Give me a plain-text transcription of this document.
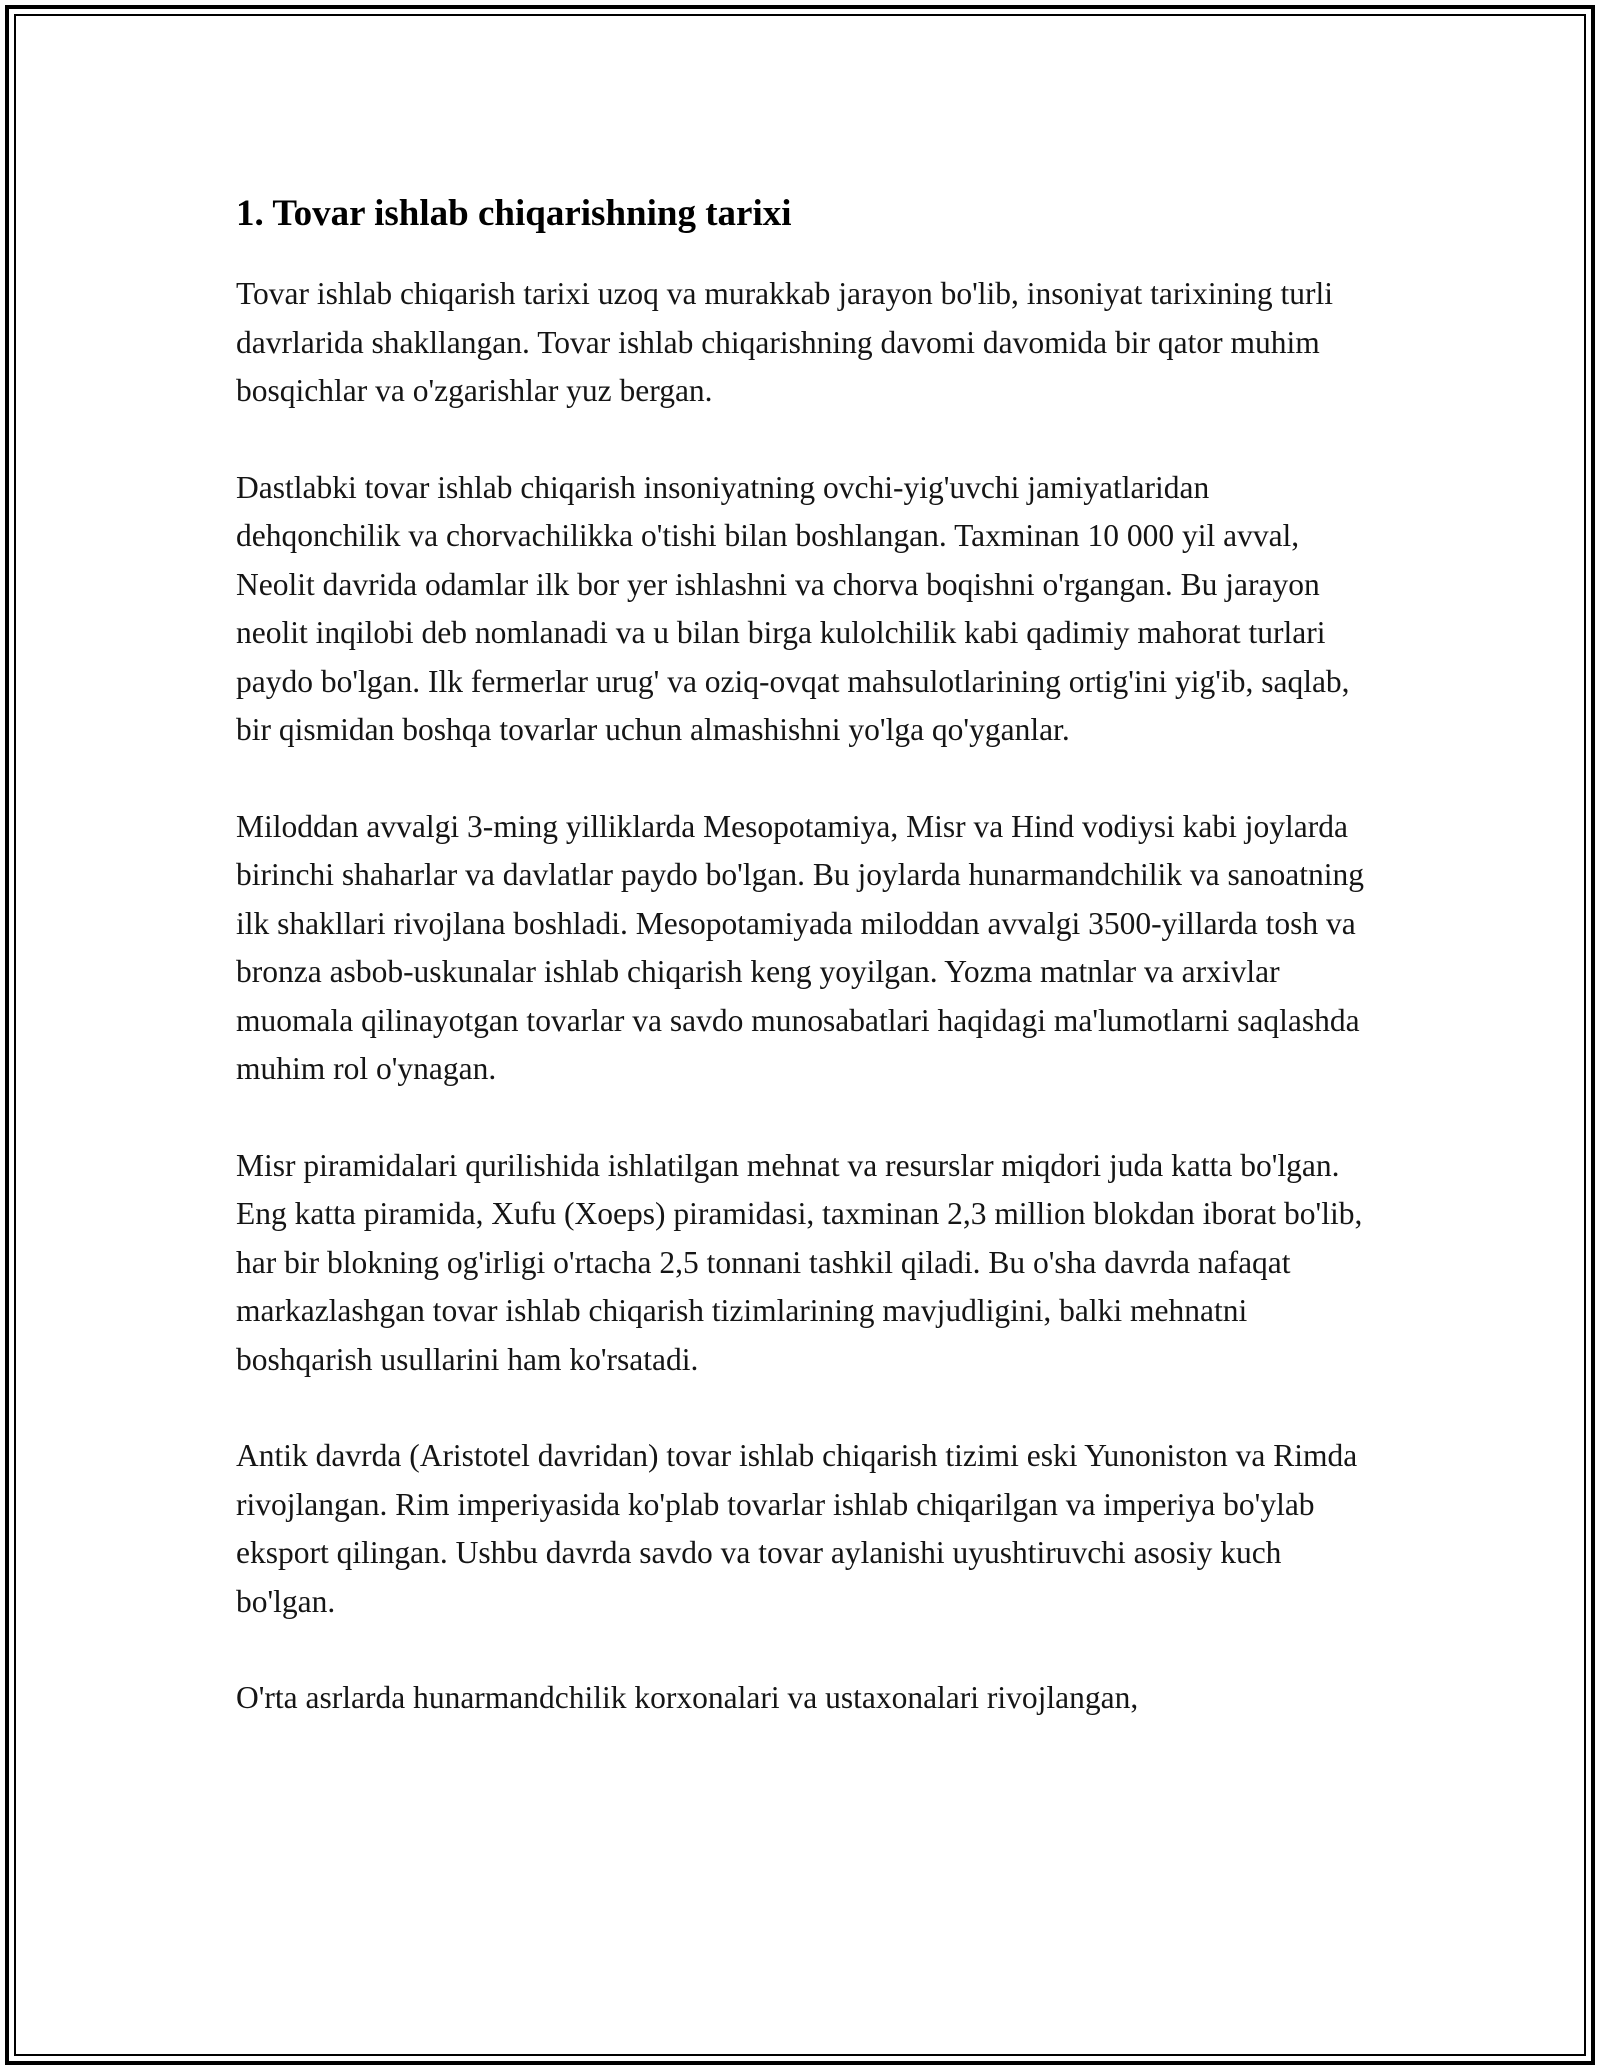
1. Tovar ishlab chiqarishning tarixi

Tovar ishlab chiqarish tarixi uzoq va murakkab jarayon bo'lib, insoniyat tarixining turli davrlarida shakllangan. Tovar ishlab chiqarishning davomi davomida bir qator muhim bosqichlar va o'zgarishlar yuz bergan.

Dastlabki tovar ishlab chiqarish insoniyatning ovchi-yig'uvchi jamiyatlaridan dehqonchilik va chorvachilikka o'tishi bilan boshlangan. Taxminan 10 000 yil avval, Neolit davrida odamlar ilk bor yer ishlashni va chorva boqishni o'rgangan. Bu jarayon neolit inqilobi deb nomlanadi va u bilan birga kulolchilik kabi qadimiy mahorat turlari paydo bo'lgan. Ilk fermerlar urug' va oziq-ovqat mahsulotlarining ortig'ini yig'ib, saqlab, bir qismidan boshqa tovarlar uchun almashishni yo'lga qo'yganlar.

Miloddan avvalgi 3-ming yilliklarda Mesopotamiya, Misr va Hind vodiysi kabi joylarda birinchi shaharlar va davlatlar paydo bo'lgan. Bu joylarda hunarmandchilik va sanoatning ilk shakllari rivojlana boshladi. Mesopotamiyada miloddan avvalgi 3500-yillarda tosh va bronza asbob-uskunalar ishlab chiqarish keng yoyilgan. Yozma matnlar va arxivlar muomala qilinayotgan tovarlar va savdo munosabatlari haqidagi ma'lumotlarni saqlashda muhim rol o'ynagan.

Misr piramidalari qurilishida ishlatilgan mehnat va resurslar miqdori juda katta bo'lgan. Eng katta piramida, Xufu (Xoeps) piramidasi, taxminan 2,3 million blokdan iborat bo'lib, har bir blokning og'irligi o'rtacha 2,5 tonnani tashkil qiladi. Bu o'sha davrda nafaqat markazlashgan tovar ishlab chiqarish tizimlarining mavjudligini, balki mehnatni boshqarish usullarini ham ko'rsatadi.

Antik davrda (Aristotel davridan) tovar ishlab chiqarish tizimi eski Yunoniston va Rimda rivojlangan. Rim imperiyasida ko'plab tovarlar ishlab chiqarilgan va imperiya bo'ylab eksport qilingan. Ushbu davrda savdo va tovar aylanishi uyushtiruvchi asosiy kuch bo'lgan.

O'rta asrlarda hunarmandchilik korxonalari va ustaxonalari rivojlangan,
